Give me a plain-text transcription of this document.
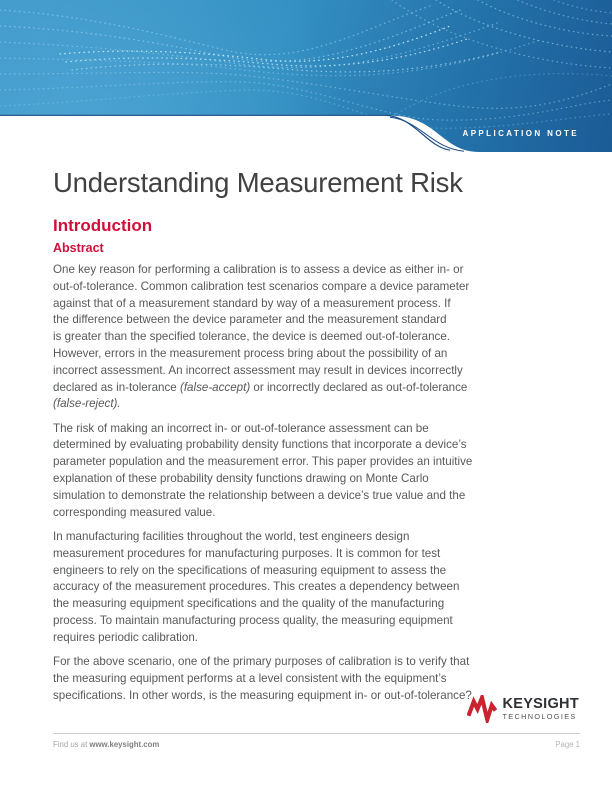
APPLICATION NOTE
Understanding Measurement Risk
Introduction
Abstract

One key reason for performing a calibration is to assess a device as either in- or
out-of-tolerance. Common calibration test scenarios compare a device parameter
against that of a measurement standard by way of a measurement process. If
the difference between the device parameter and the measurement standard
is greater than the specified tolerance, the device is deemed out-of-tolerance.
However, errors in the measurement process bring about the possibility of an
incorrect assessment. An incorrect assessment may result in devices incorrectly
declared as in-tolerance (false-accept) or incorrectly declared as out-of-tolerance
(false-reject).

The risk of making an incorrect in- or out-of-tolerance assessment can be
determined by evaluating probability density functions that incorporate a device’s
parameter population and the measurement error. This paper provides an intuitive
explanation of these probability density functions drawing on Monte Carlo
simulation to demonstrate the relationship between a device’s true value and the
corresponding measured value.

In manufacturing facilities throughout the world, test engineers design
measurement procedures for manufacturing purposes. It is common for test
engineers to rely on the specifications of measuring equipment to assess the
accuracy of the measurement procedures. This creates a dependency between
the measuring equipment specifications and the quality of the manufacturing
process. To maintain manufacturing process quality, the measuring equipment
requires periodic calibration.

For the above scenario, one of the primary purposes of calibration is to verify that
the measuring equipment performs at a level consistent with the equipment’s
specifications. In other words, is the measuring equipment in- or out-of-tolerance?

KEYSIGHT
TECHNOLOGIES
Find us at www.keysight.com	Page 1
